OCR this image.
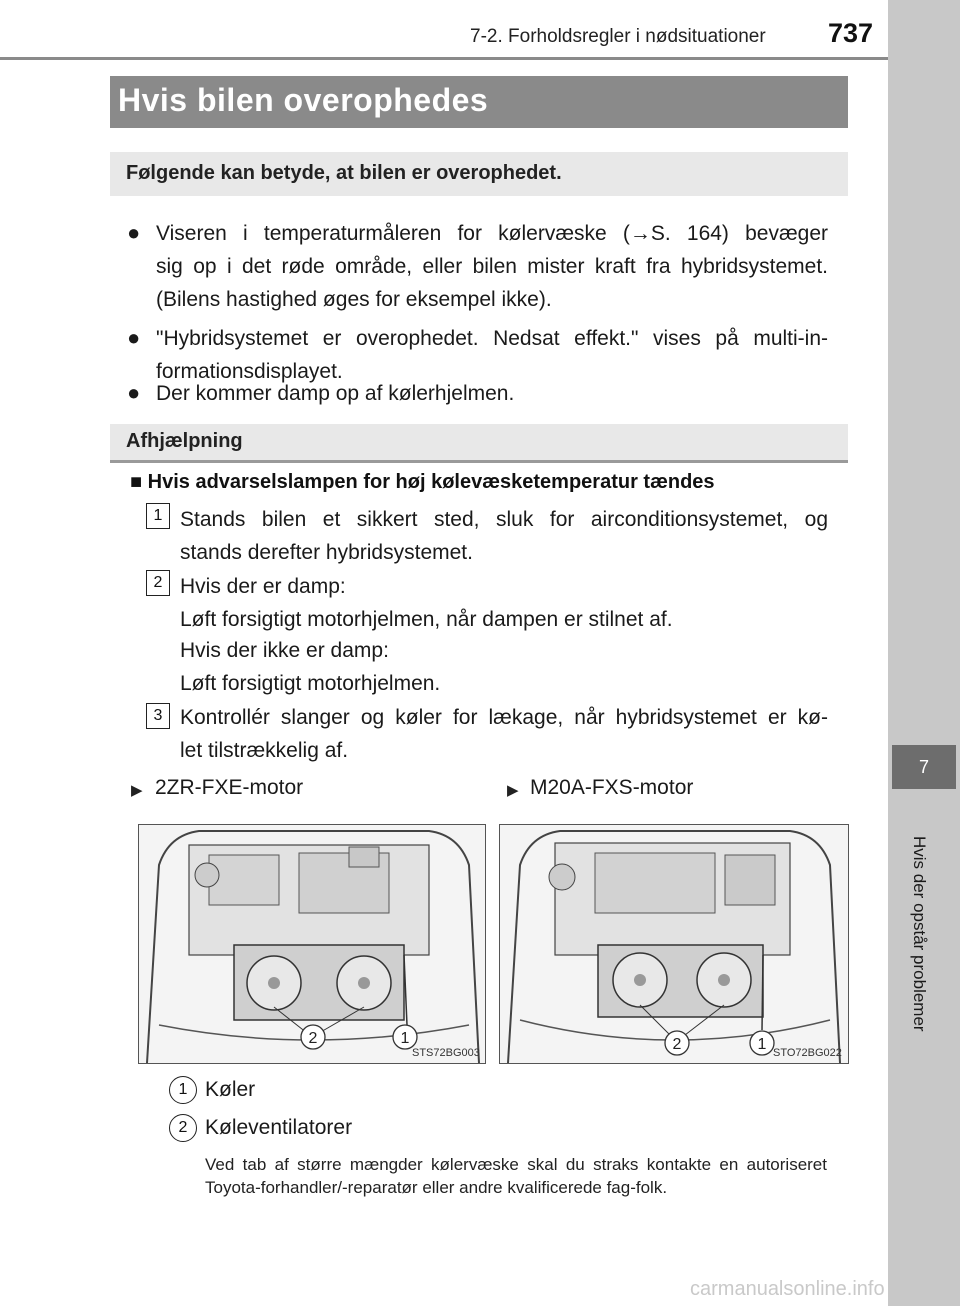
7-2. Forholdsregler i nødsituationer 737
7
Hvis der opstår problemer
Hvis bilen overophedes
Følgende kan betyde, at bilen er overophedet.
● Viseren i temperaturmåleren for kølervæske (→S. 164) bevæger
sig op i det røde område, eller bilen mister kraft fra hybridsystemet.
(Bilens hastighed øges for eksempel ikke).
● "Hybridsystemet er overophedet. Nedsat effekt." vises på multi-in-
formationsdisplayet.
● Der kommer damp op af kølerhjelmen.
Afhjælpning
■ Hvis advarselslampen for høj kølevæsketemperatur tændes
1 Stands bilen et sikkert sted, sluk for airconditionsystemet, og
stands derefter hybridsystemet.
2 Hvis der er damp:
Løft forsigtigt motorhjelmen, når dampen er stilnet af.
Hvis der ikke er damp:
Løft forsigtigt motorhjelmen.
3 Kontrollér slanger og køler for lækage, når hybridsystemet er kø-
let tilstrækkelig af.
▶ 2ZR-FXE-motor	▶ M20A-FXS-motor
2	1
STS72BG003	2	1 STO72BG022
1 Køler
2 Køleventilatorer
Ved tab af større mængder kølervæske skal du straks kontakte en autoriseret Toyota-forhandler/-reparatør eller andre kvalificerede fag-folk.
carmanualsonline.info
